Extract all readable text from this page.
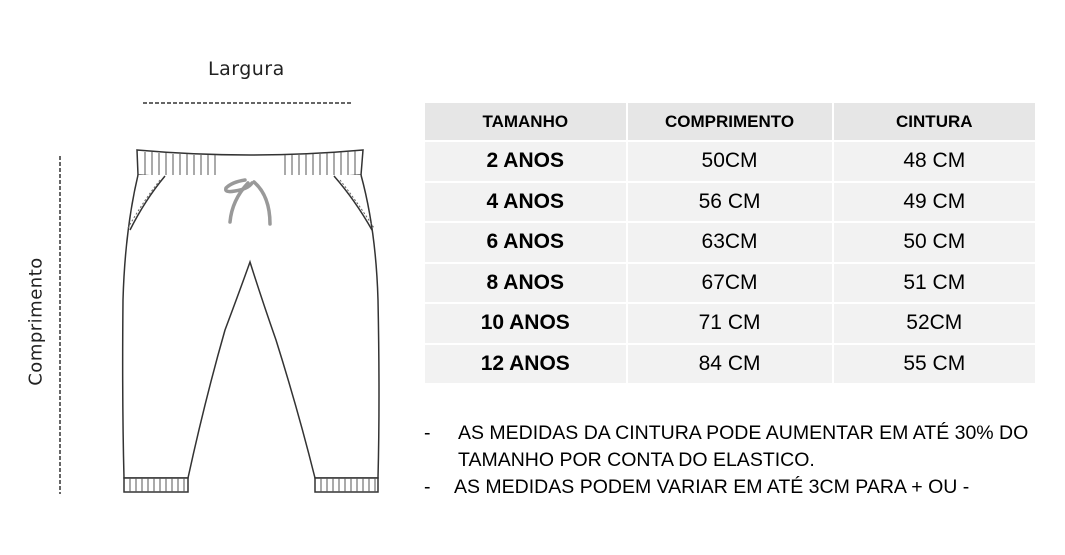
Largura
Comprimento
TAMANHO	COMPRIMENTO	CINTURA
2 ANOS	50CM	48 CM
4 ANOS	56 CM	49 CM
6 ANOS	63CM	50 CM
8 ANOS	67CM	51 CM
10 ANOS	71 CM	52CM
12 ANOS	84 CM	55 CM
-	AS MEDIDAS DA CINTURA PODE AUMENTAR EM ATÉ 30% DO TAMANHO POR CONTA DO ELASTICO.
-	AS MEDIDAS PODEM VARIAR EM ATÉ 3CM PARA + OU -
